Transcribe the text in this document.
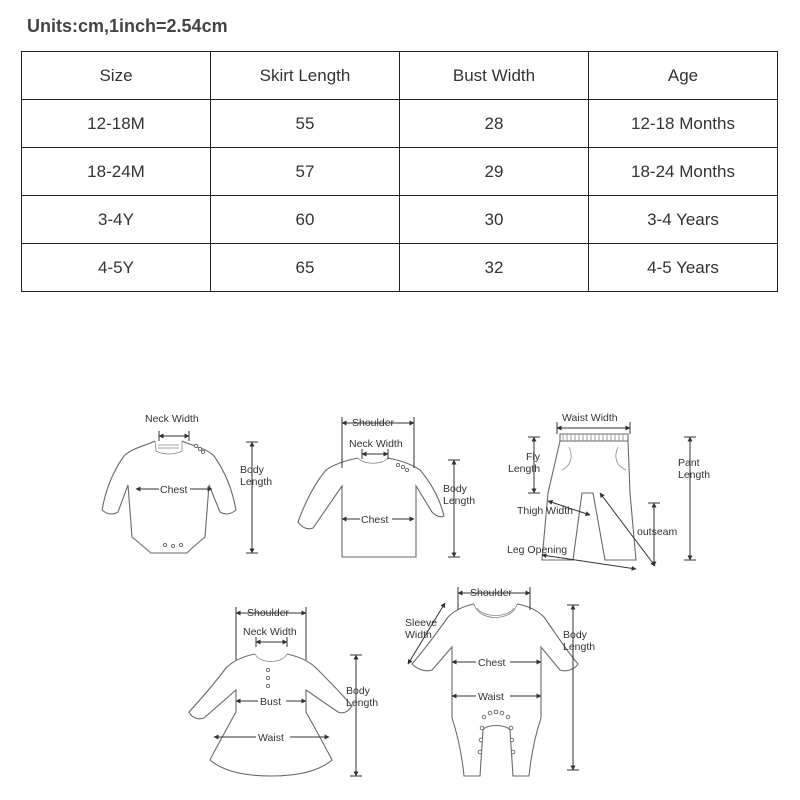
Units:cm,1inch=2.54cm
Size	Skirt Length	Bust Width	Age
12-18M	55	28	12-18 Months
18-24M	57	29	18-24 Months
3-4Y	60	30	3-4 Years
4-5Y	65	32	4-5 Years
Neck Width
Chest
Body
Length
Shoulder
Neck Width
Chest
Body
Length
Waist Width
Fly
Length	Pant
Length
Thigh Width
outseam
Leg Opening
Shoulder
Neck Width
Bust
Waist
Body
Length
Shoulder
Sleeve
Width
Chest
Waist
Body
Length
